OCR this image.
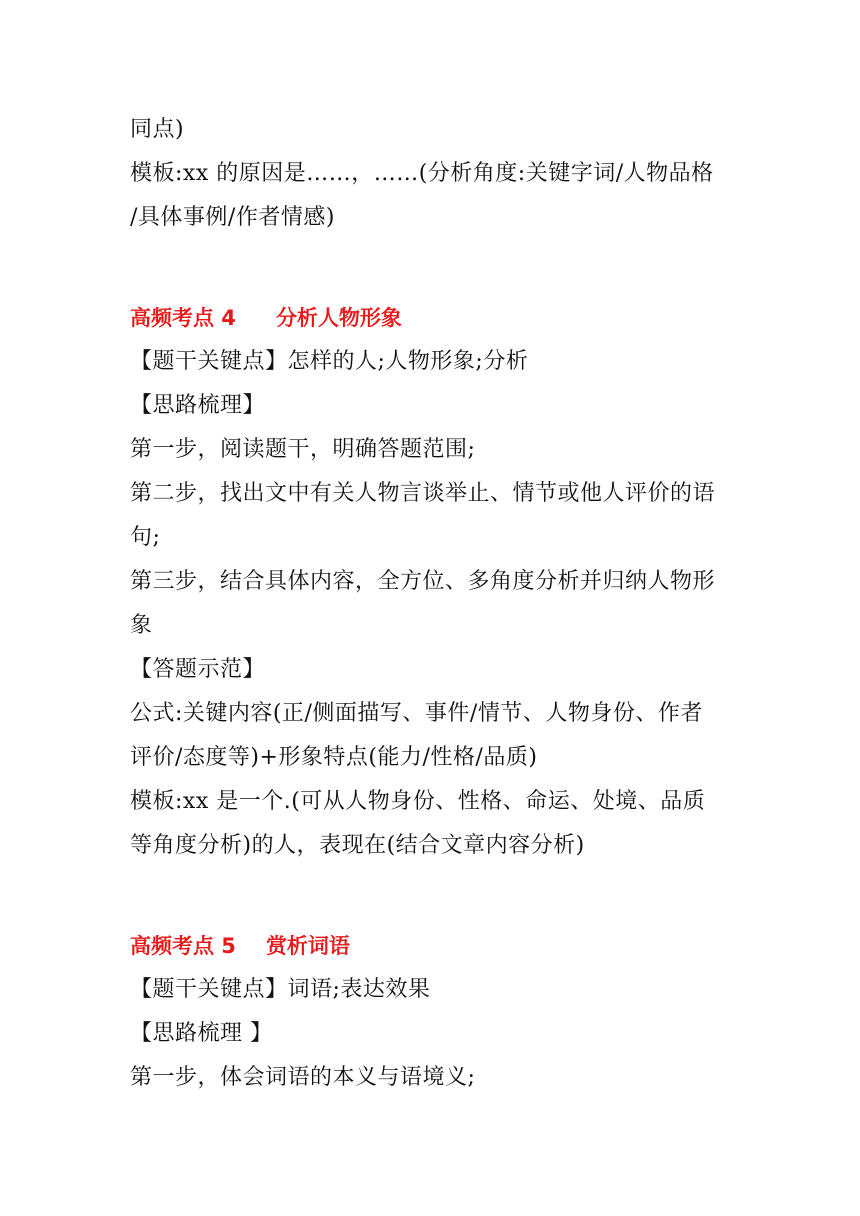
同点)
模板:xx 的原因是……，……(分析角度:关键字词/人物品格
/具体事例/作者情感)
高频考点 4 分析人物形象
【题干关键点】怎样的人;人物形象;分析
【思路梳理】
第一步，阅读题干，明确答题范围;
第二步，找出文中有关人物言谈举止、情节或他人评价的语
句;
第三步，结合具体内容，全方位、多角度分析并归纳人物形
象
【答题示范】
公式:关键内容(正/侧面描写、事件/情节、人物身份、作者
评价/态度等)+形象特点(能力/性格/品质)
模板:xx 是一个.(可从人物身份、性格、命运、处境、品质
等角度分析)的人，表现在(结合文章内容分析)
高频考点 5 赏析词语
【题干关键点】词语;表达效果
【思路梳理 】
第一步，体会词语的本义与语境义;
